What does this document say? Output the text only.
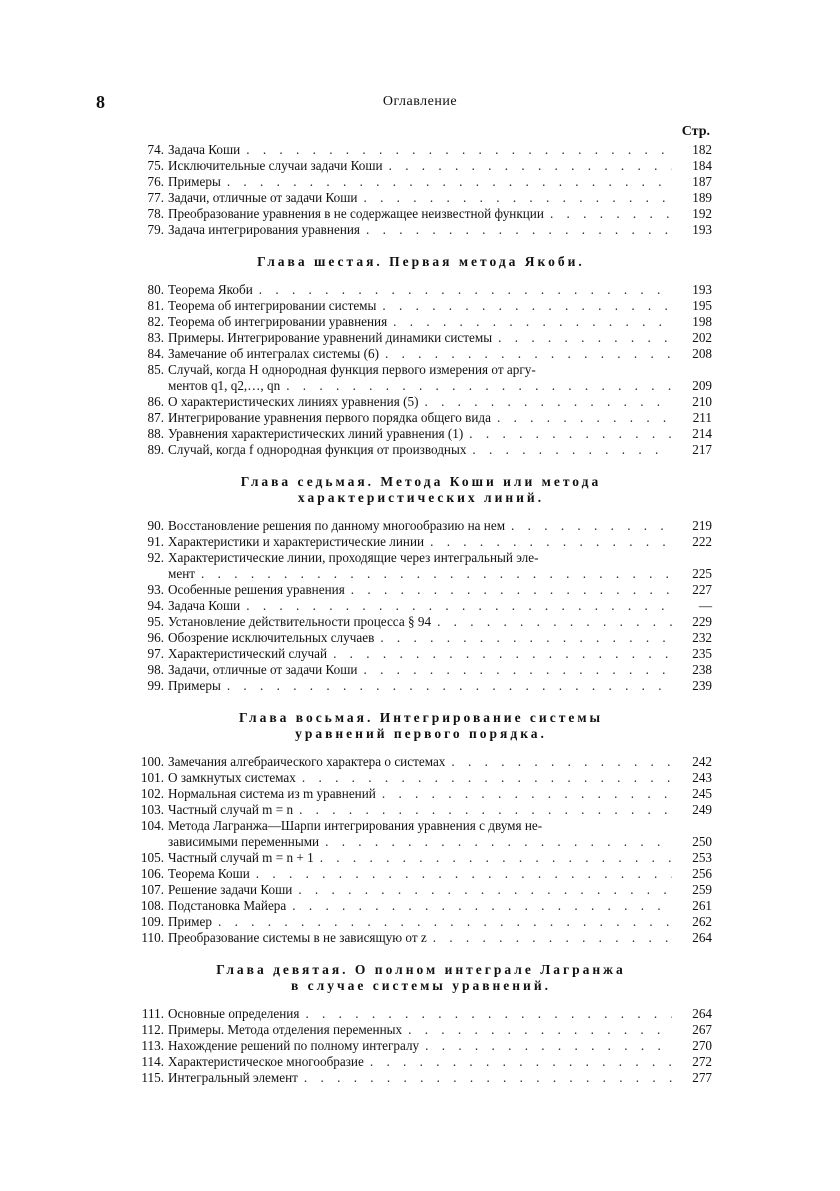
8	Оглавление
Стр.
74. Задача Коши . . .	182
75. Исключительные случаи задачи Коши . . .	184
76. Примеры . . .	187
77. Задачи, отличные от задачи Коши . . .	189
78. Преобразование уравнения в не содержащее неизвестной функции . . .	192
79. Задача интегрирования уравнения . . .	193
Глава шестая. Первая метода Якоби.
80. Теорема Якоби . . .	193
81. Теорема об интегрировании системы . . .	195
82. Теорема об интегрировании уравнения . . .	198
83. Примеры. Интегрирование уравнений динамики системы . . .	202
84. Замечание об интегралах системы (6) . . .	208
85. Случай, когда H однородная функция первого измерения от аргу-
ментов q1, q2,…, qn . . .	209
86. О характеристических линиях уравнения (5) . . .	210
87. Интегрирование уравнения первого порядка общего вида . . .	211
88. Уравнения характеристических линий уравнения (1) . . .	214
89. Случай, когда f однородная функция от производных . . .	217
Глава седьмая. Метода Коши или метода
характеристических линий.
90. Восстановление решения по данному многообразию на нем . . .	219
91. Характеристики и характеристические линии . . .	222
92. Характеристические линии, проходящие через интегральный эле-
мент . . .	225
93. Особенные решения уравнения . . .	227
94. Задача Коши . . .	—
95. Установление действительности процесса § 94 . . .	229
96. Обозрение исключительных случаев . . .	232
97. Характеристический случай . . .	235
98. Задачи, отличные от задачи Коши . . .	238
99. Примеры . . .	239
Глава восьмая. Интегрирование системы
уравнений первого порядка.
100. Замечания алгебраического характера о системах . . .	242
101. О замкнутых системах . . .	243
102. Нормальная система из m уравнений . . .	245
103. Частный случай m = n . . .	249
104. Метода Лагранжа—Шарпи интегрирования уравнения с двумя не-
зависимыми переменными . . .	250
105. Частный случай m = n + 1 . . .	253
106. Теорема Коши . . .	256
107. Решение задачи Коши . . .	259
108. Подстановка Майера . . .	261
109. Пример . . .	262
110. Преобразование системы в не зависящую от z . . .	264
Глава девятая. О полном интеграле Лагранжа
в случае системы уравнений.
111. Основные определения . . .	264
112. Примеры. Метода отделения переменных . . .	267
113. Нахождение решений по полному интегралу . . .	270
114. Характеристическое многообразие . . .	272
115. Интегральный элемент . . .	277
